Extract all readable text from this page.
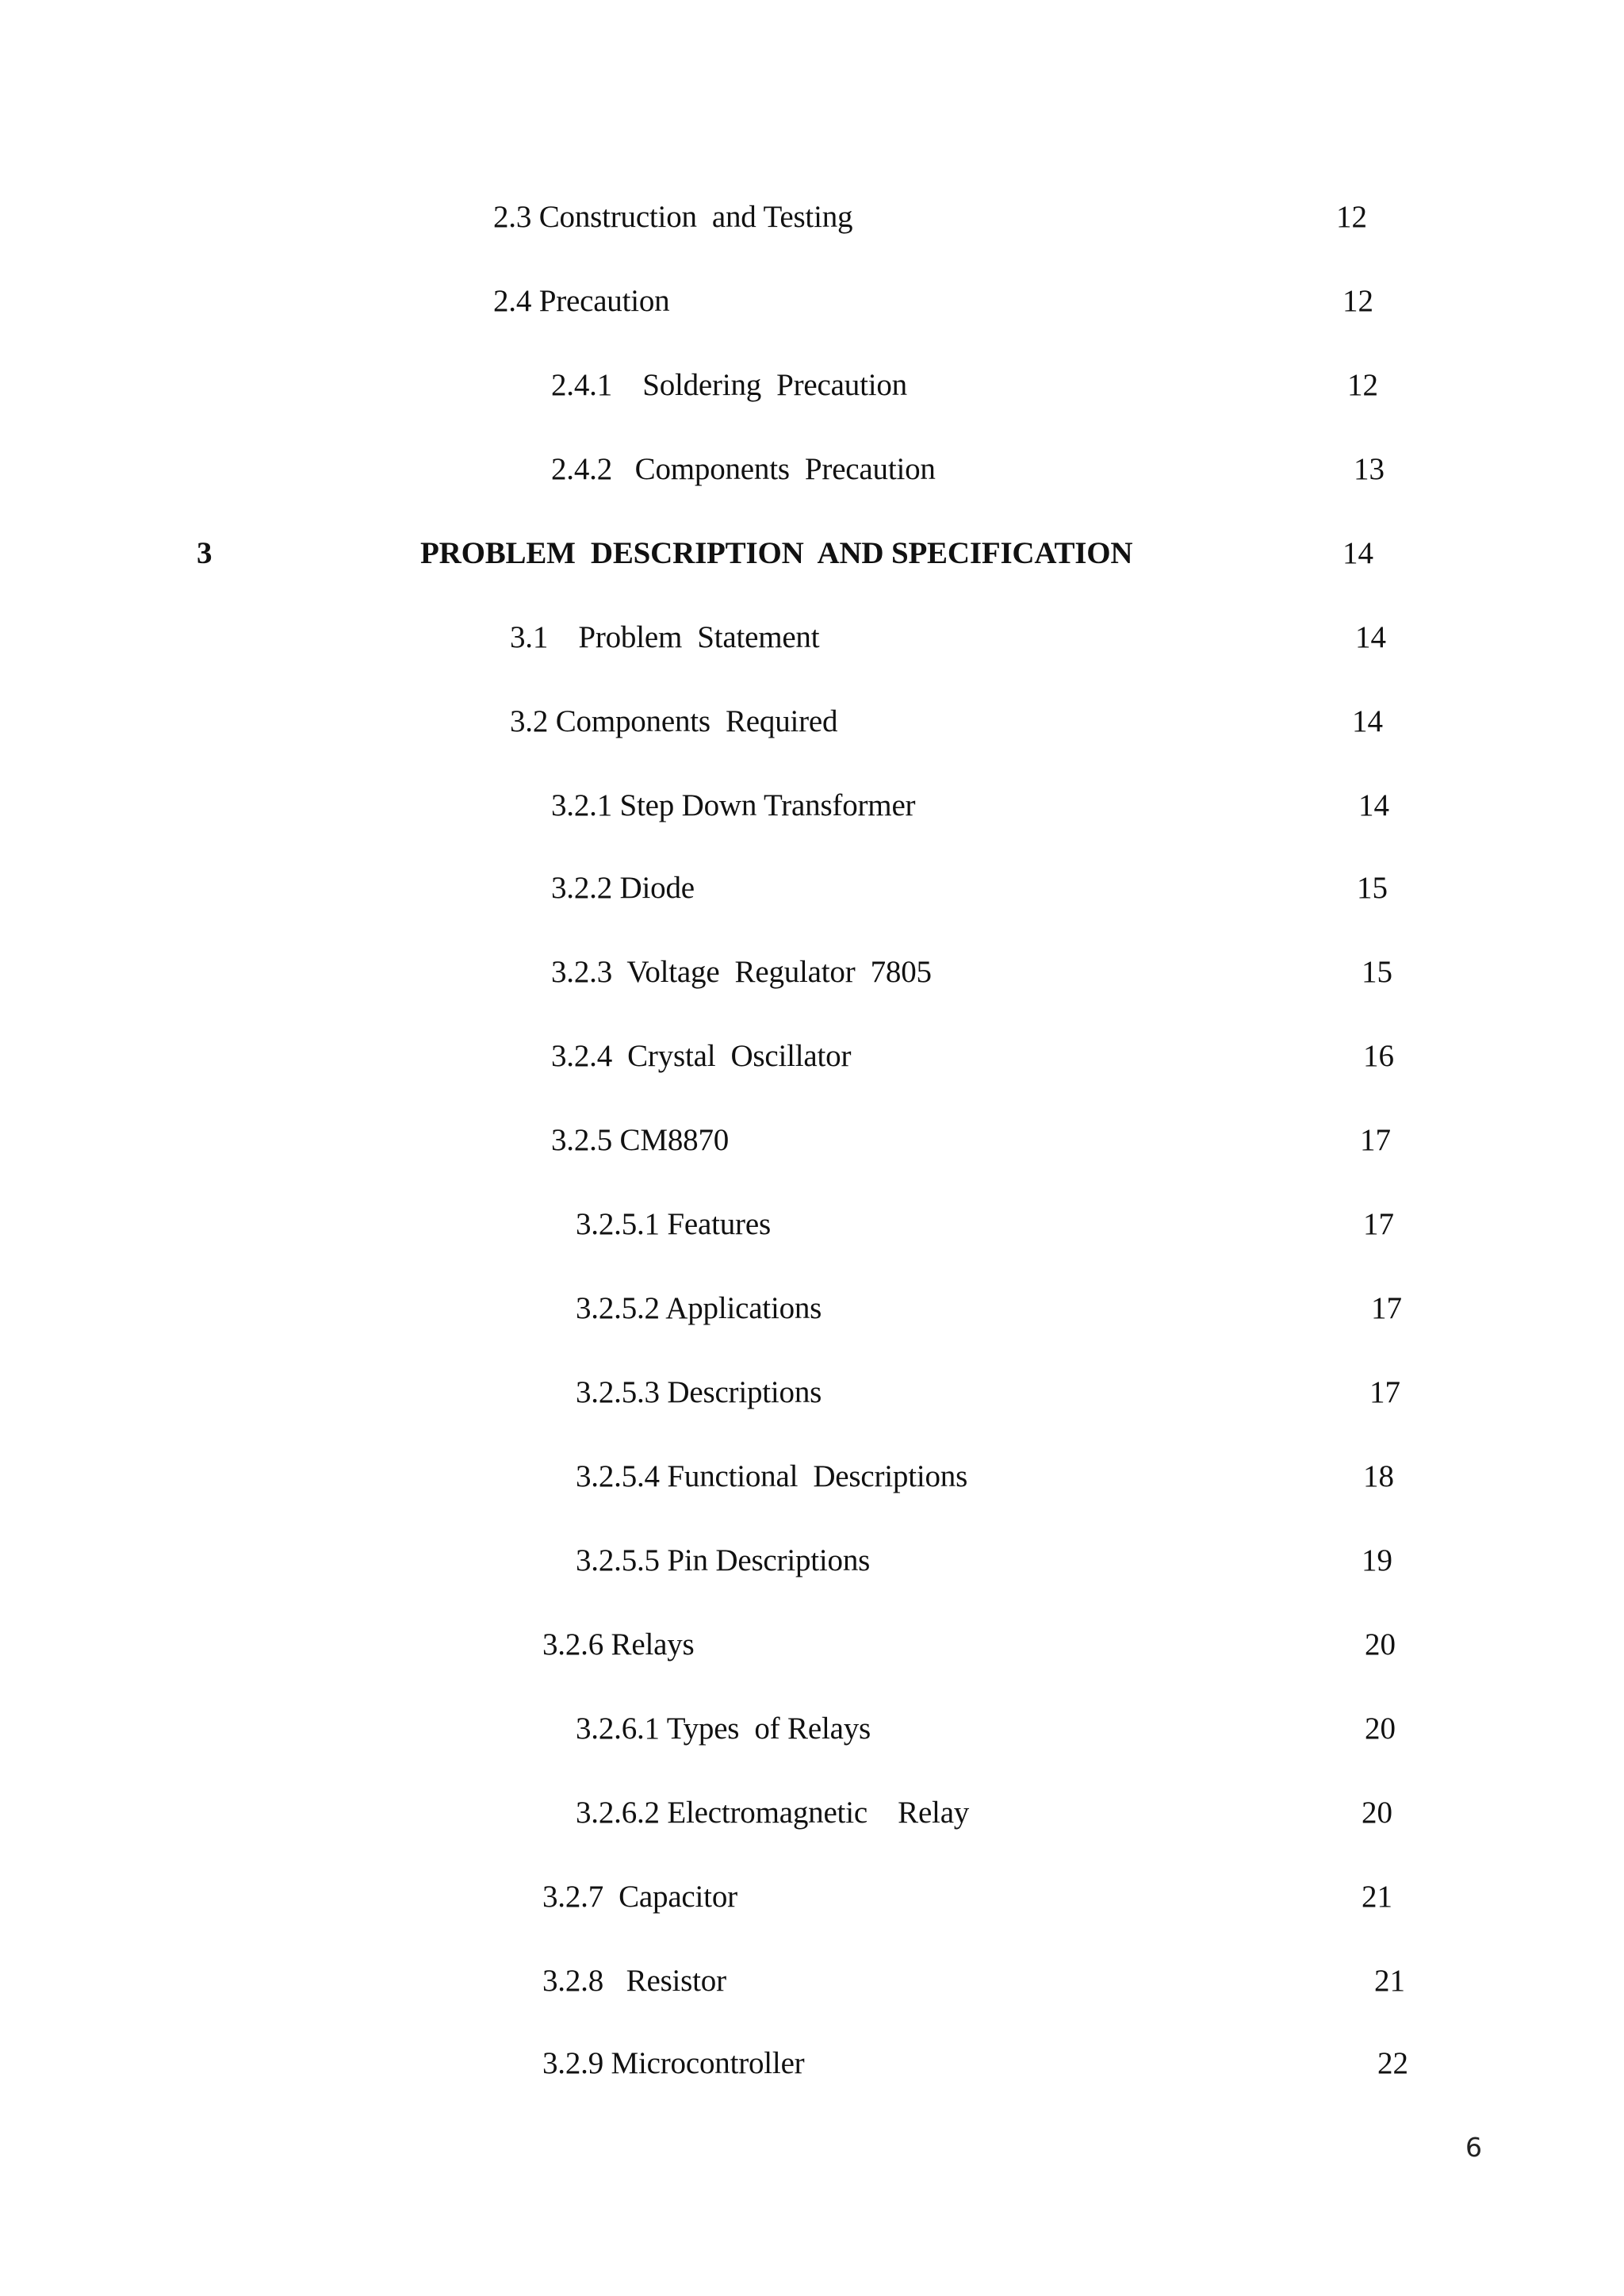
2.3 Construction  and Testing	12
2.4 Precaution	12
2.4.1    Soldering  Precaution	12
2.4.2   Components  Precaution	13
3	PROBLEM  DESCRIPTION  AND SPECIFICATION	14
3.1    Problem  Statement	14
3.2 Components  Required	14
3.2.1 Step Down Transformer	14
3.2.2 Diode	15
3.2.3  Voltage  Regulator  7805	15
3.2.4  Crystal  Oscillator	16
3.2.5 CM8870	17
3.2.5.1 Features	17
3.2.5.2 Applications	17
3.2.5.3 Descriptions	17
3.2.5.4 Functional  Descriptions	18
3.2.5.5 Pin Descriptions	19
3.2.6 Relays	20
3.2.6.1 Types  of Relays	20
3.2.6.2 Electromagnetic    Relay	20
3.2.7  Capacitor	21
3.2.8   Resistor	21
3.2.9 Microcontroller	22
6
